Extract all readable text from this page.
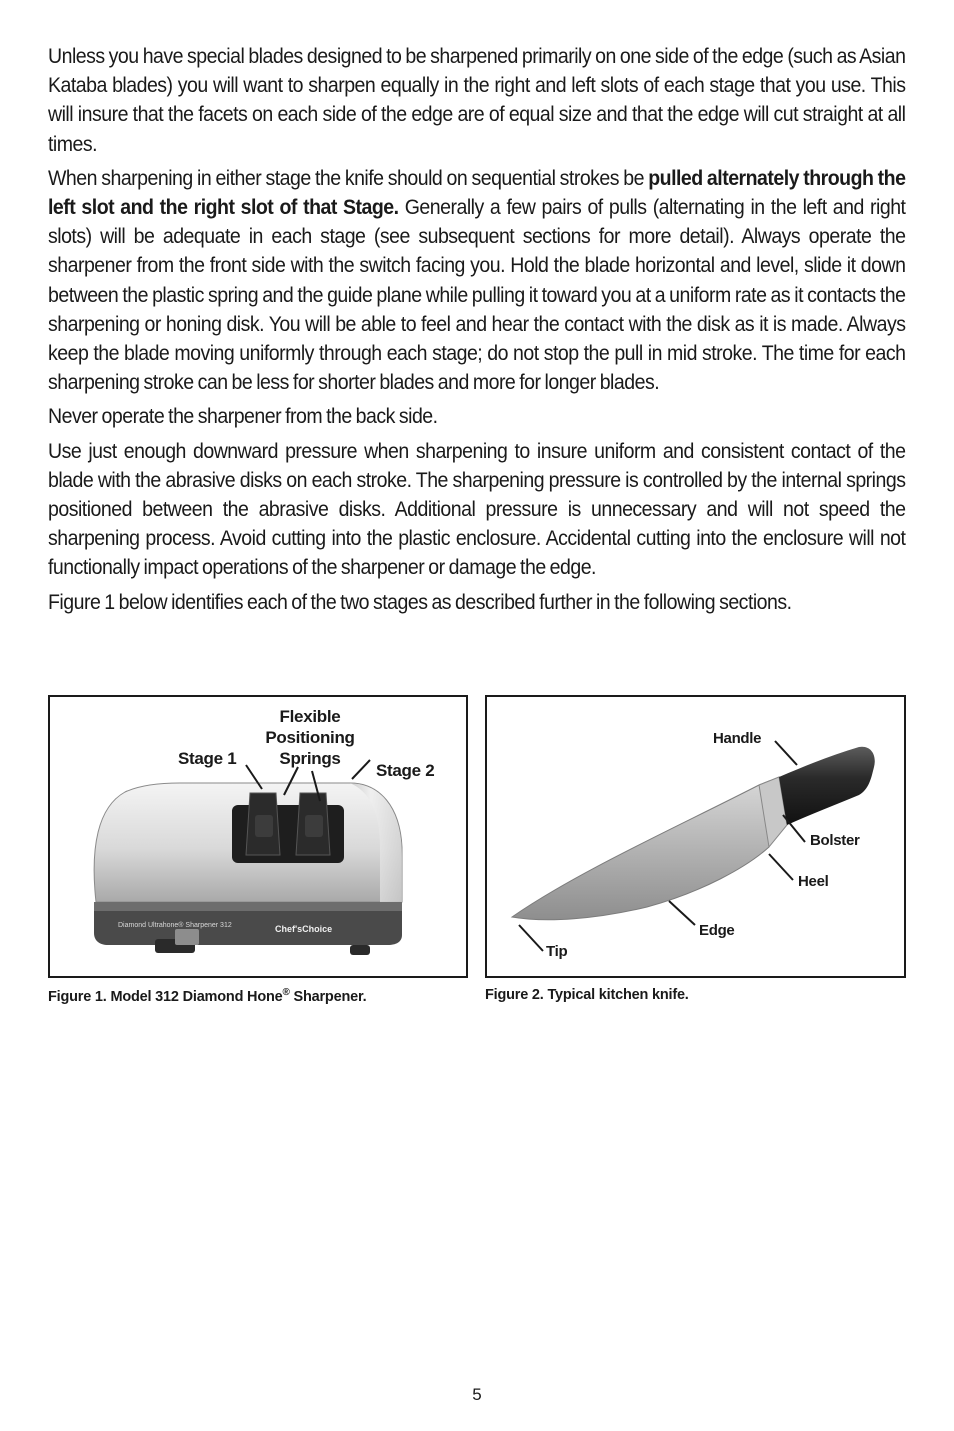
Unless you have special blades designed to be sharpened primarily on one side of the edge (such as Asian Kataba blades) you will want to sharpen equally in the right and left slots of each stage that you use. This will insure that the facets on each side of the edge are of equal size and that the edge will cut straight at all times.

When sharpening in either stage the knife should on sequential strokes be pulled alternately through the left slot and the right slot of that Stage. Generally a few pairs of pulls (alternating in the left and right slots) will be adequate in each stage (see subsequent sections for more detail). Always operate the sharpener from the front side with the switch facing you. Hold the blade horizontal and level, slide it down between the plastic spring and the guide plane while pulling it toward you at a uniform rate as it contacts the sharpening or honing disk. You will be able to feel and hear the contact with the disk as it is made. Always keep the blade moving uniformly through each stage; do not stop the pull in mid stroke. The time for each sharpening stroke can be less for shorter blades and more for longer blades.

Never operate the sharpener from the back side.

Use just enough downward pressure when sharpening to insure uniform and consistent contact of the blade with the abrasive disks on each stroke. The sharpening pressure is controlled by the internal springs positioned between the abrasive disks. Additional pressure is unnecessary and will not speed the sharpening process. Avoid cutting into the plastic enclosure. Accidental cutting into the enclosure will not functionally impact operations of the sharpener or damage the edge.

Figure 1 below identifies each of the two stages as described further in the following sections.

Diamond Ultrahone® Sharpener 312	Chef'sChoice
Stage 1
Flexible
Positioning
Springs
Stage 2
Figure 1. Model 312 Diamond Hone® Sharpener.
Handle
Bolster
Heel
Edge
Tip
Figure 2. Typical kitchen knife.
5
